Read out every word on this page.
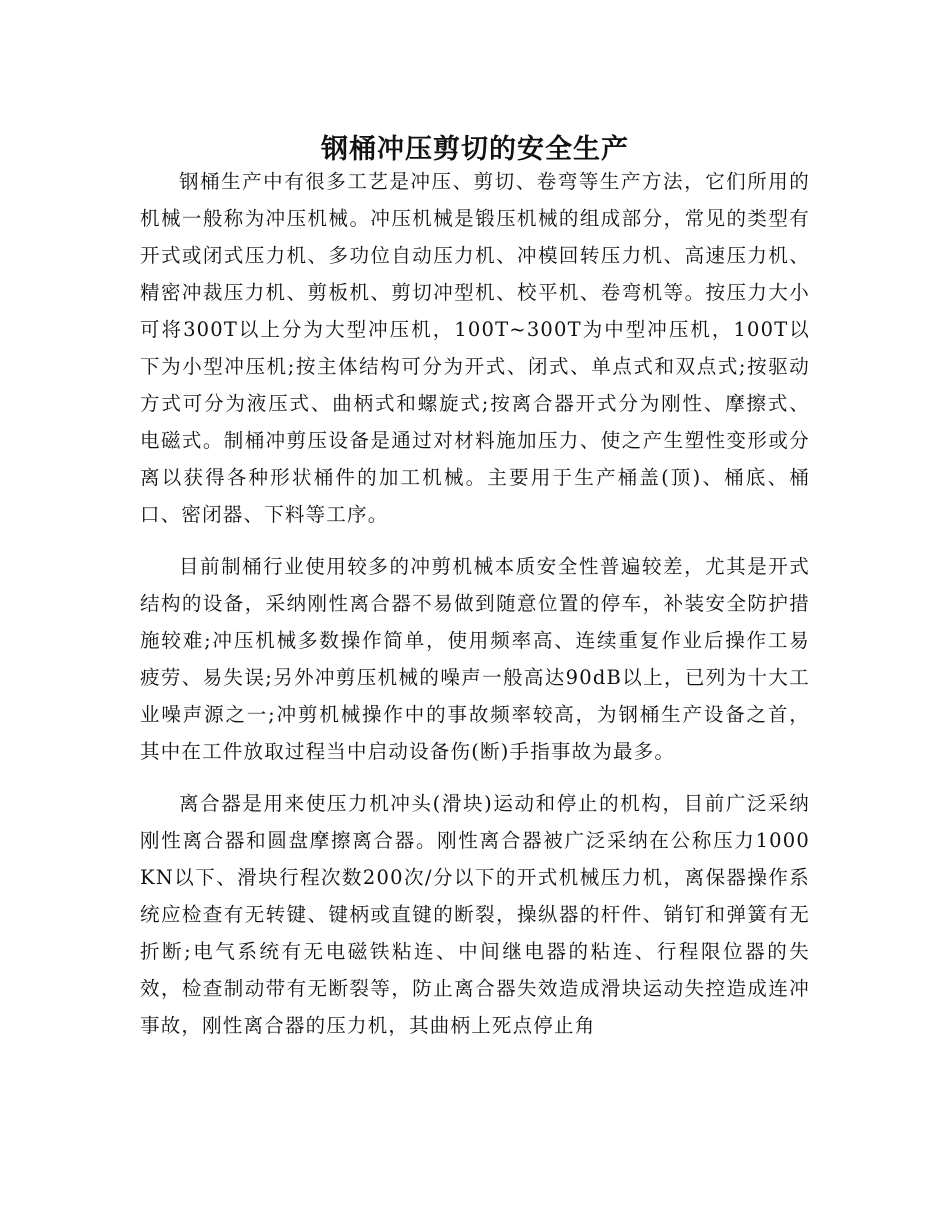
钢桶冲压剪切的安全生产

钢桶生产中有很多工艺是冲压、剪切、卷弯等生产方法，它们所用的机械一般称为冲压机械。冲压机械是锻压机械的组成部分，常见的类型有开式或闭式压力机、多功位自动压力机、冲模回转压力机、高速压力机、精密冲裁压力机、剪板机、剪切冲型机、校平机、卷弯机等。按压力大小可将300T以上分为大型冲压机，100T~300T为中型冲压机，100T以下为小型冲压机;按主体结构可分为开式、闭式、单点式和双点式;按驱动方式可分为液压式、曲柄式和螺旋式;按离合器开式分为刚性、摩擦式、电磁式。制桶冲剪压设备是通过对材料施加压力、使之产生塑性变形或分离以获得各种形状桶件的加工机械。主要用于生产桶盖(顶)、桶底、桶口、密闭器、下料等工序。

目前制桶行业使用较多的冲剪机械本质安全性普遍较差，尤其是开式结构的设备，采纳刚性离合器不易做到随意位置的停车，补装安全防护措施较难;冲压机械多数操作简单，使用频率高、连续重复作业后操作工易疲劳、易失误;另外冲剪压机械的噪声一般高达90dB以上，已列为十大工业噪声源之一;冲剪机械操作中的事故频率较高，为钢桶生产设备之首，其中在工件放取过程当中启动设备伤(断)手指事故为最多。

离合器是用来使压力机冲头(滑块)运动和停止的机构，目前广泛采纳刚性离合器和圆盘摩擦离合器。刚性离合器被广泛采纳在公称压力1000KN以下、滑块行程次数200次/分以下的开式机械压力机，离保器操作系统应检查有无转键、键柄或直键的断裂，操纵器的杆件、销钉和弹簧有无折断;电气系统有无电磁铁粘连、中间继电器的粘连、行程限位器的失效，检查制动带有无断裂等，防止离合器失效造成滑块运动失控造成连冲事故，刚性离合器的压力机，其曲柄上死点停止角
